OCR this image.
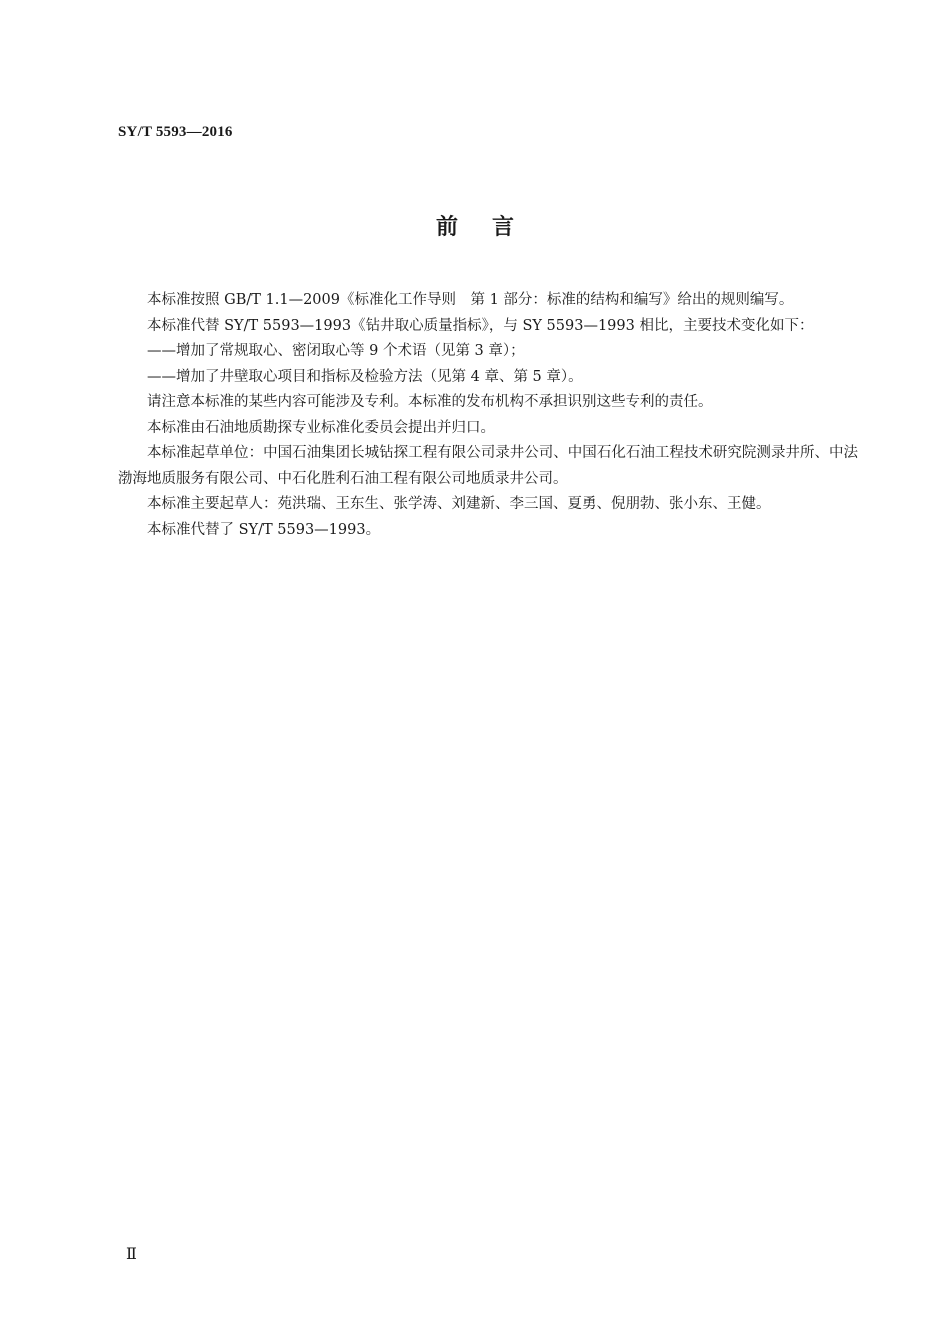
SY/T 5593—2016
前言

本标准按照 GB/T 1.1—2009《标准化工作导则　第 1 部分：标准的结构和编写》给出的规则编写。

本标准代替 SY/T 5593—1993《钻井取心质量指标》，与 SY 5593—1993 相比，主要技术变化如下：

——增加了常规取心、密闭取心等 9 个术语（见第 3 章）；

——增加了井壁取心项目和指标及检验方法（见第 4 章、第 5 章）。

请注意本标准的某些内容可能涉及专利。本标准的发布机构不承担识别这些专利的责任。

本标准由石油地质勘探专业标准化委员会提出并归口。

本标准起草单位：中国石油集团长城钻探工程有限公司录井公司、中国石化石油工程技术研究院测录井所、中法渤海地质服务有限公司、中石化胜利石油工程有限公司地质录井公司。

本标准主要起草人：苑洪瑞、王东生、张学涛、刘建新、李三国、夏勇、倪朋勃、张小东、王健。

本标准代替了 SY/T 5593—1993。

Ⅱ
